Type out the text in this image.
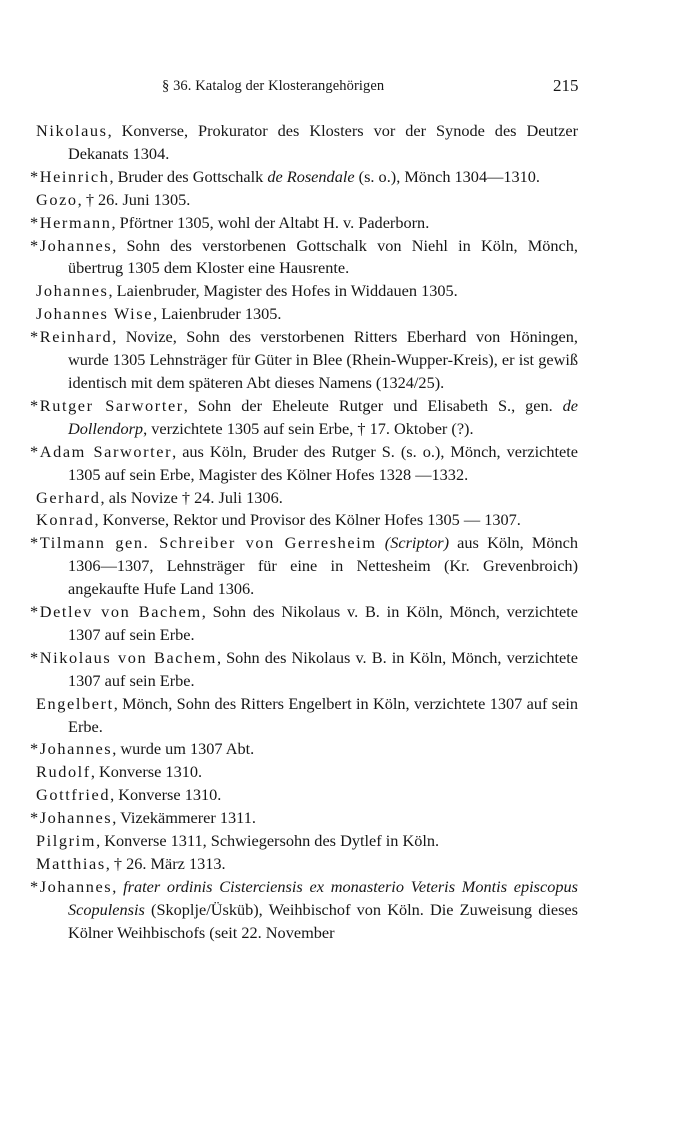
§ 36. Katalog der Klosterangehörigen	215
Nikolaus, Konverse, Prokurator des Klosters vor der Synode des Deutzer Dekanats 1304.
*Heinrich, Bruder des Gottschalk de Rosendale (s. o.), Mönch 1304—1310.
Gozo, † 26. Juni 1305.
*Hermann, Pförtner 1305, wohl der Altabt H. v. Paderborn.
*Johannes, Sohn des verstorbenen Gottschalk von Niehl in Köln, Mönch, übertrug 1305 dem Kloster eine Hausrente.
Johannes, Laienbruder, Magister des Hofes in Widdauen 1305.
Johannes Wise, Laienbruder 1305.
*Reinhard, Novize, Sohn des verstorbenen Ritters Eberhard von Höningen, wurde 1305 Lehnsträger für Güter in Blee (Rhein-Wupper-Kreis), er ist gewiß identisch mit dem späteren Abt dieses Namens (1324/25).
*Rutger Sarworter, Sohn der Eheleute Rutger und Elisabeth S., gen. de Dollendorp, verzichtete 1305 auf sein Erbe, † 17. Oktober (?).
*Adam Sarworter, aus Köln, Bruder des Rutger S. (s. o.), Mönch, verzichtete 1305 auf sein Erbe, Magister des Kölner Hofes 1328 —1332.
Gerhard, als Novize † 24. Juli 1306.
Konrad, Konverse, Rektor und Provisor des Kölner Hofes 1305 — 1307.
*Tilmann gen. Schreiber von Gerresheim (Scriptor) aus Köln, Mönch 1306—1307, Lehnsträger für eine in Nettesheim (Kr. Grevenbroich) angekaufte Hufe Land 1306.
*Detlev von Bachem, Sohn des Nikolaus v. B. in Köln, Mönch, verzichtete 1307 auf sein Erbe.
*Nikolaus von Bachem, Sohn des Nikolaus v. B. in Köln, Mönch, verzichtete 1307 auf sein Erbe.
Engelbert, Mönch, Sohn des Ritters Engelbert in Köln, verzichtete 1307 auf sein Erbe.
*Johannes, wurde um 1307 Abt.
Rudolf, Konverse 1310.
Gottfried, Konverse 1310.
*Johannes, Vizekämmerer 1311.
Pilgrim, Konverse 1311, Schwiegersohn des Dytlef in Köln.
Matthias, † 26. März 1313.
*Johannes, frater ordinis Cisterciensis ex monasterio Veteris Montis episcopus Scopulensis (Skoplje/Üsküb), Weihbischof von Köln. Die Zuweisung dieses Kölner Weihbischofs (seit 22. November
